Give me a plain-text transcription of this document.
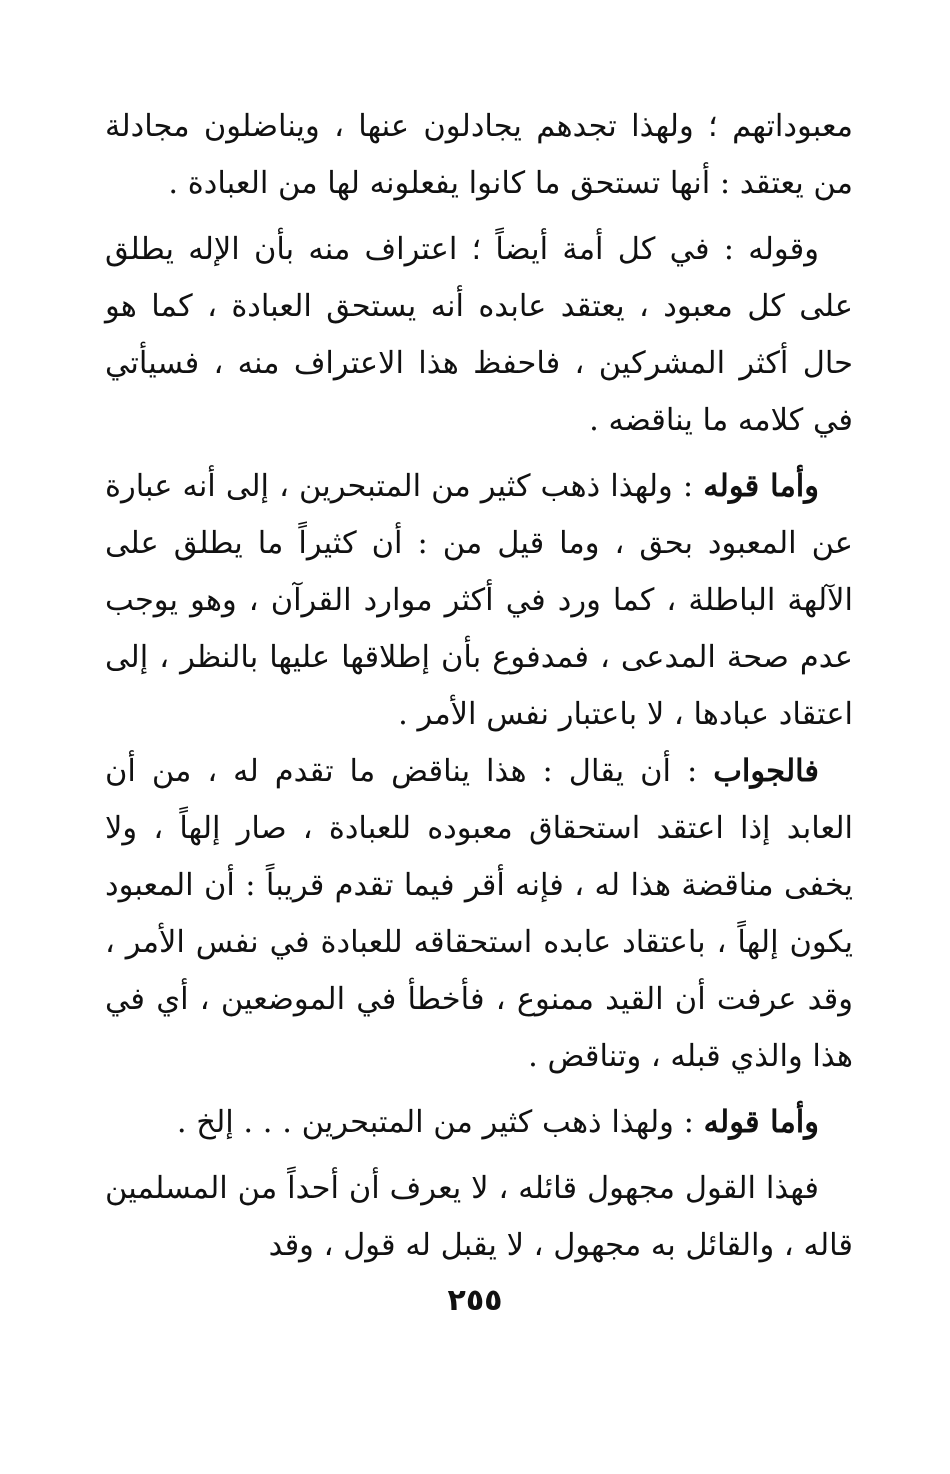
معبوداتهم ؛ ولهذا تجدهم يجادلون عنها ، ويناضلون مجادلة من يعتقد : أنها تستحق ما كانوا يفعلونه لها من العبادة .

وقوله : في كل أمة أيضاً ؛ اعتراف منه بأن الإله يطلق على كل معبود ، يعتقد عابده أنه يستحق العبادة ، كما هو حال أكثر المشركين ، فاحفظ هذا الاعتراف منه ، فسيأتي في كلامه ما يناقضه .

وأما قوله : ولهذا ذهب كثير من المتبحرين ، إلى أنه عبارة عن المعبود بحق ، وما قيل من : أن كثيراً ما يطلق على الآلهة الباطلة ، كما ورد في أكثر موارد القرآن ، وهو يوجب عدم صحة المدعى ، فمدفوع بأن إطلاقها عليها بالنظر ، إلى اعتقاد عبادها ، لا باعتبار نفس الأمر .

فالجواب : أن يقال : هذا يناقض ما تقدم له ، من أن العابد إذا اعتقد استحقاق معبوده للعبادة ، صار إلهاً ، ولا يخفى مناقضة هذا له ، فإنه أقر فيما تقدم قريباً : أن المعبود يكون إلهاً ، باعتقاد عابده استحقاقه للعبادة في نفس الأمر ، وقد عرفت أن القيد ممنوع ، فأخطأ في الموضعين ، أي في هذا والذي قبله ، وتناقض .

وأما قوله : ولهذا ذهب كثير من المتبحرين . . . إلخ .

فهذا القول مجهول قائله ، لا يعرف أن أحداً من المسلمين قاله ، والقائل به مجهول ، لا يقبل له قول ، وقد

٢٥٥
